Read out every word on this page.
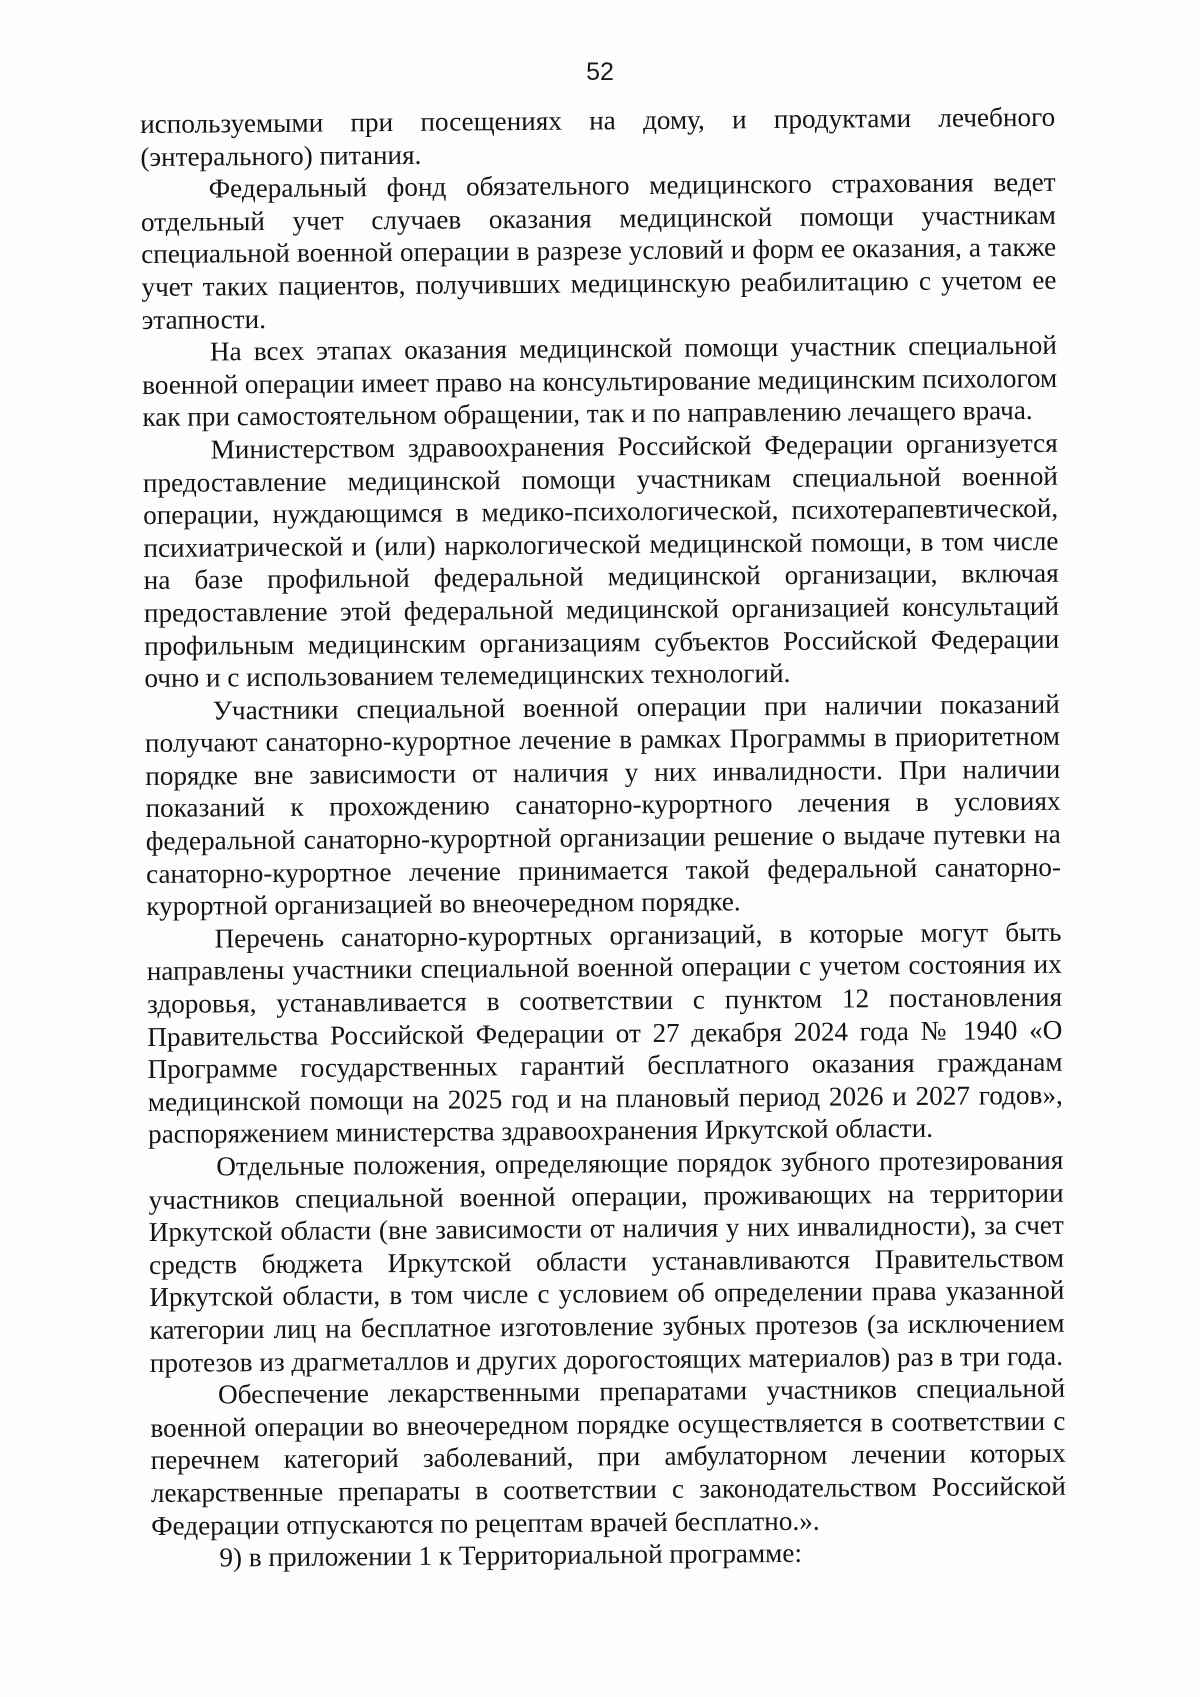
52

используемыми при посещениях на дому, и продуктами лечебного (энтерального) питания.

Федеральный фонд обязательного медицинского страхования ведет отдельный учет случаев оказания медицинской помощи участникам специальной военной операции в разрезе условий и форм ее оказания, а также учет таких пациентов, получивших медицинскую реабилитацию с учетом ее этапности.

На всех этапах оказания медицинской помощи участник специальной военной операции имеет право на консультирование медицинским психологом как при самостоятельном обращении, так и по направлению лечащего врача.

Министерством здравоохранения Российской Федерации организуется предоставление медицинской помощи участникам специальной военной операции, нуждающимся в медико-психологической, психотерапевтической, психиатрической и (или) наркологической медицинской помощи, в том числе на базе профильной федеральной медицинской организации, включая предоставление этой федеральной медицинской организацией консультаций профильным медицинским организациям субъектов Российской Федерации очно и с использованием телемедицинских технологий.

Участники специальной военной операции при наличии показаний получают санаторно-курортное лечение в рамках Программы в приоритетном порядке вне зависимости от наличия у них инвалидности. При наличии показаний к прохождению санаторно-курортного лечения в условиях федеральной санаторно-курортной организации решение о выдаче путевки на санаторно-курортное лечение принимается такой федеральной санаторно-курортной организацией во внеочередном порядке.

Перечень санаторно-курортных организаций, в которые могут быть направлены участники специальной военной операции с учетом состояния их здоровья, устанавливается в соответствии с пунктом 12 постановления Правительства Российской Федерации от 27 декабря 2024 года № 1940 «О Программе государственных гарантий бесплатного оказания гражданам медицинской помощи на 2025 год и на плановый период 2026 и 2027 годов», распоряжением министерства здравоохранения Иркутской области.

Отдельные положения, определяющие порядок зубного протезирования участников специальной военной операции, проживающих на территории Иркутской области (вне зависимости от наличия у них инвалидности), за счет средств бюджета Иркутской области устанавливаются Правительством Иркутской области, в том числе с условием об определении права указанной категории лиц на бесплатное изготовление зубных протезов (за исключением протезов из драгметаллов и других дорогостоящих материалов) раз в три года.

Обеспечение лекарственными препаратами участников специальной военной операции во внеочередном порядке осуществляется в соответствии с перечнем категорий заболеваний, при амбулаторном лечении которых лекарственные препараты в соответствии с законодательством Российской Федерации отпускаются по рецептам врачей бесплатно.».

9) в приложении 1 к Территориальной программе:
